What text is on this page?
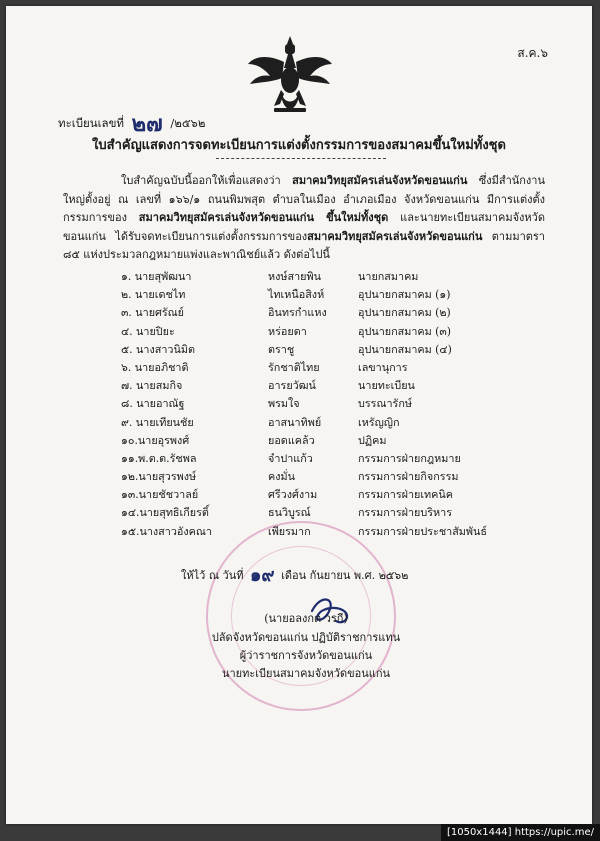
ส.ค.๖
ทะเบียนเลขที่ ๒๗ /๒๕๖๒
ใบสำคัญแสดงการจดทะเบียนการแต่งตั้งกรรมการของสมาคมขึ้นใหม่ทั้งชุด
ใบสำคัญฉบับนี้ออกให้เพื่อแสดงว่า สมาคมวิทยุสมัครเล่นจังหวัดขอนแก่น ซึ่งมีสำนักงานใหญ่ตั้งอยู่ ณ เลขที่ ๑๖๖/๑ ถนนพิมพสุต ตำบลในเมือง อำเภอเมือง จังหวัดขอนแก่น มีการแต่งตั้งกรรมการของ สมาคมวิทยุสมัครเล่นจังหวัดขอนแก่น ขึ้นใหม่ทั้งชุด และนายทะเบียนสมาคมจังหวัดขอนแก่น ได้รับจดทะเบียนการแต่งตั้งกรรมการของสมาคมวิทยุสมัครเล่นจังหวัดขอนแก่น ตามมาตรา ๘๕ แห่งประมวลกฎหมายแพ่งและพาณิชย์แล้ว ดังต่อไปนี้
๑. นายสุพัฒนา	หงษ์สายพิน	นายกสมาคม
๒. นายเดชไท	ไทเหนือสิงห์	อุปนายกสมาคม (๑)
๓. นายศรัณย์	อินทรกำแหง	อุปนายกสมาคม (๒)
๔. นายปิยะ	หร่อยดา	อุปนายกสมาคม (๓)
๕. นางสาวนิมิต	ตราชู	อุปนายกสมาคม (๔)
๖. นายอภิชาติ	รักชาติไทย	เลขานุการ
๗. นายสมกิจ	อารยวัฒน์	นายทะเบียน
๘. นายอาณัฐ	พรมใจ	บรรณารักษ์
๙. นายเทียนชัย	อาสนาทิพย์	เหรัญญิก
๑๐.นายอุรพงศ์	ยอดแคล้ว	ปฏิคม
๑๑.พ.ต.ต.รัชพล	จำปาแก้ว	กรรมการฝ่ายกฎหมาย
๑๒.นายสุวรพงษ์	คงมั่น	กรรมการฝ่ายกิจกรรม
๑๓.นายชัชวาลย์	ศรีวงศ์งาม	กรรมการฝ่ายเทคนิค
๑๔.นายสุทธิเกียรติ์	ธนวิบูรณ์	กรรมการฝ่ายบริหาร
๑๕.นางสาวอังคณา	เพียรมาก	กรรมการฝ่ายประชาสัมพันธ์
ให้ไว้ ณ วันที่ ๑๙ เดือน กันยายน พ.ศ. ๒๕๖๒
(นายอลงกต วรกี)
ปลัดจังหวัดขอนแก่น ปฏิบัติราชการแทน
ผู้ว่าราชการจังหวัดขอนแก่น
นายทะเบียนสมาคมจังหวัดขอนแก่น
[1050x1444] https://upic.me/
